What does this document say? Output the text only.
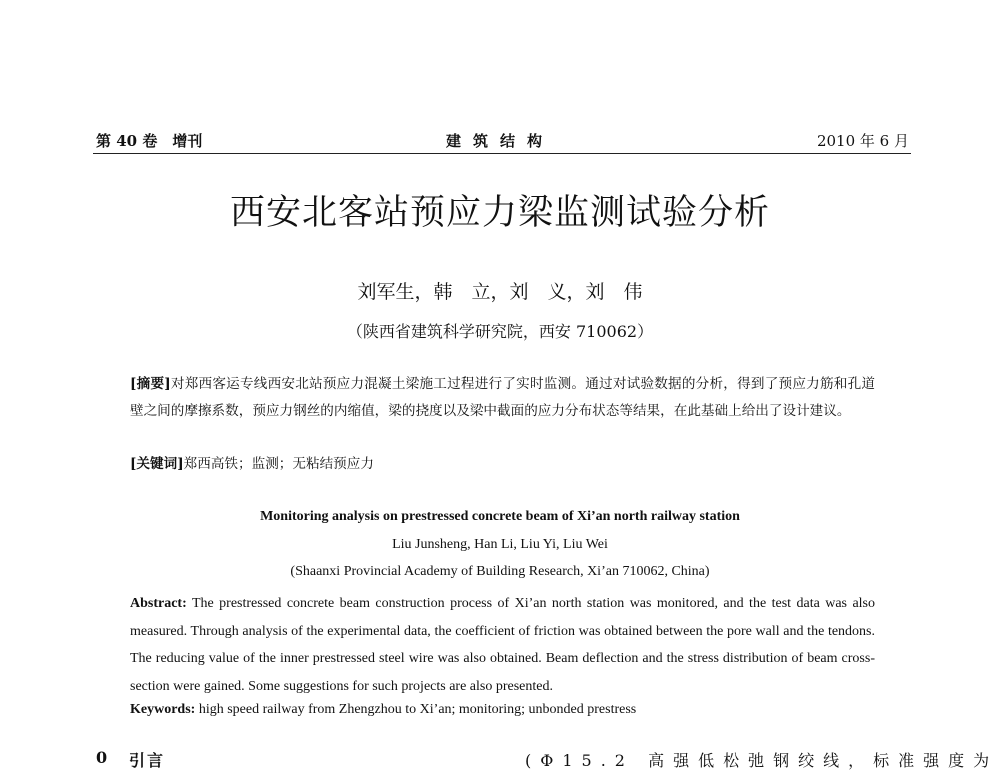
第 40 卷　增刊	建筑结构	2010 年 6 月
西安北客站预应力梁监测试验分析
刘军生，韩　立，刘　义，刘　伟
（陕西省建筑科学研究院，西安 710062）
[摘要]对郑西客运专线西安北站预应力混凝土梁施工过程进行了实时监测。通过对试验数据的分析，得到了预应力筋和孔道壁之间的摩擦系数，预应力钢丝的内缩值，梁的挠度以及梁中截面的应力分布状态等结果，在此基础上给出了设计建议。
[关键词]郑西高铁；监测；无粘结预应力
Monitoring analysis on prestressed concrete beam of Xi’an north railway station
Liu Junsheng, Han Li, Liu Yi, Liu Wei
(Shaanxi Provincial Academy of Building Research, Xi’an 710062, China)
Abstract: The prestressed concrete beam construction process of Xi’an north station was monitored, and the test data was also measured. Through analysis of the experimental data, the coefficient of friction was obtained between the pore wall and the tendons. The reducing value of the inner prestressed steel wire was also obtained. Beam deflection and the stress distribution of beam cross-section were gained. Some suggestions for such projects are also presented.
Keywords: high speed railway from Zhengzhou to Xi’an; monitoring; unbonded prestress
0 引言	(Φ15.2 高强低松弛钢绞线，标准强度为
